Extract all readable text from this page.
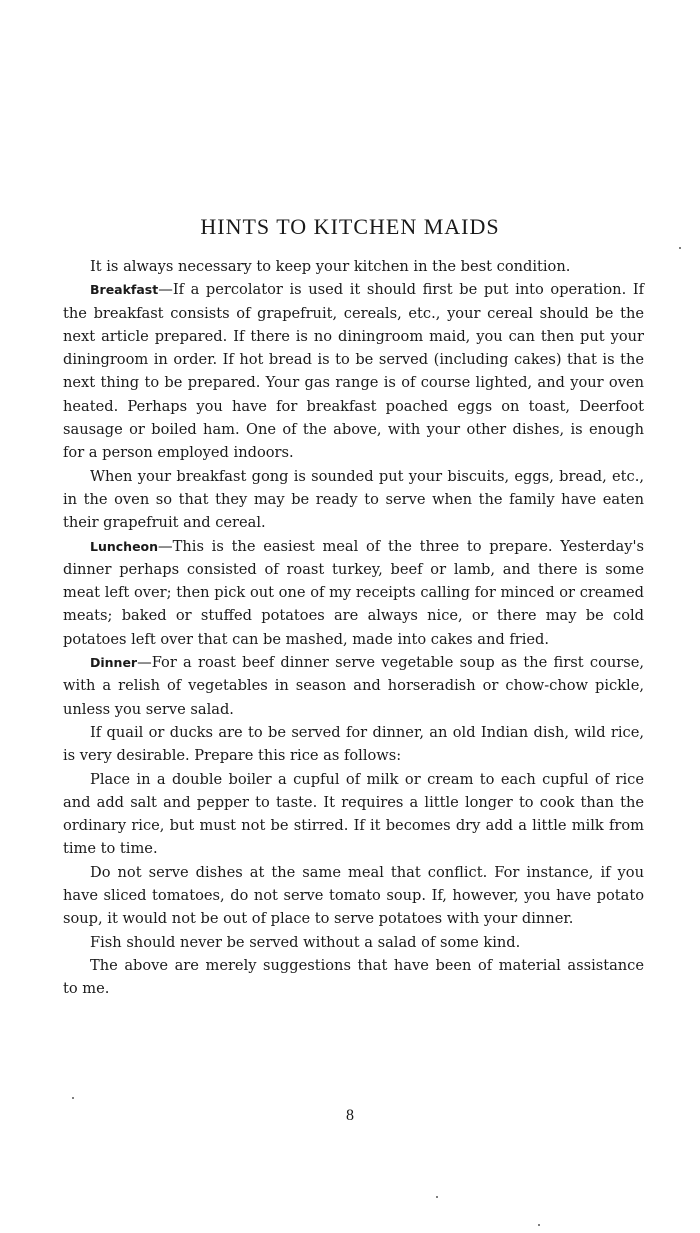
HINTS TO KITCHEN MAIDS

It is always necessary to keep your kitchen in the best condition.

Breakfast—If a percolator is used it should first be put into operation. If the breakfast consists of grapefruit, cereals, etc., your cereal should be the next article prepared. If there is no diningroom maid, you can then put your diningroom in order. If hot bread is to be served (including cakes) that is the next thing to be prepared. Your gas range is of course lighted, and your oven heated. Perhaps you have for breakfast poached eggs on toast, Deerfoot sausage or boiled ham. One of the above, with your other dishes, is enough for a person employed indoors.

When your breakfast gong is sounded put your biscuits, eggs, bread, etc., in the oven so that they may be ready to serve when the family have eaten their grapefruit and cereal.

Luncheon—This is the easiest meal of the three to prepare. Yesterday's dinner perhaps consisted of roast turkey, beef or lamb, and there is some meat left over; then pick out one of my receipts calling for minced or creamed meats; baked or stuffed potatoes are always nice, or there may be cold potatoes left over that can be mashed, made into cakes and fried.

Dinner—For a roast beef dinner serve vegetable soup as the first course, with a relish of vegetables in season and horseradish or chow-chow pickle, unless you serve salad.

If quail or ducks are to be served for dinner, an old Indian dish, wild rice, is very desirable. Prepare this rice as follows:

Place in a double boiler a cupful of milk or cream to each cupful of rice and add salt and pepper to taste. It requires a little longer to cook than the ordinary rice, but must not be stirred. If it becomes dry add a little milk from time to time.

Do not serve dishes at the same meal that conflict. For instance, if you have sliced tomatoes, do not serve tomato soup. If, however, you have potato soup, it would not be out of place to serve potatoes with your dinner.

Fish should never be served without a salad of some kind.

The above are merely suggestions that have been of material assistance to me.

8
